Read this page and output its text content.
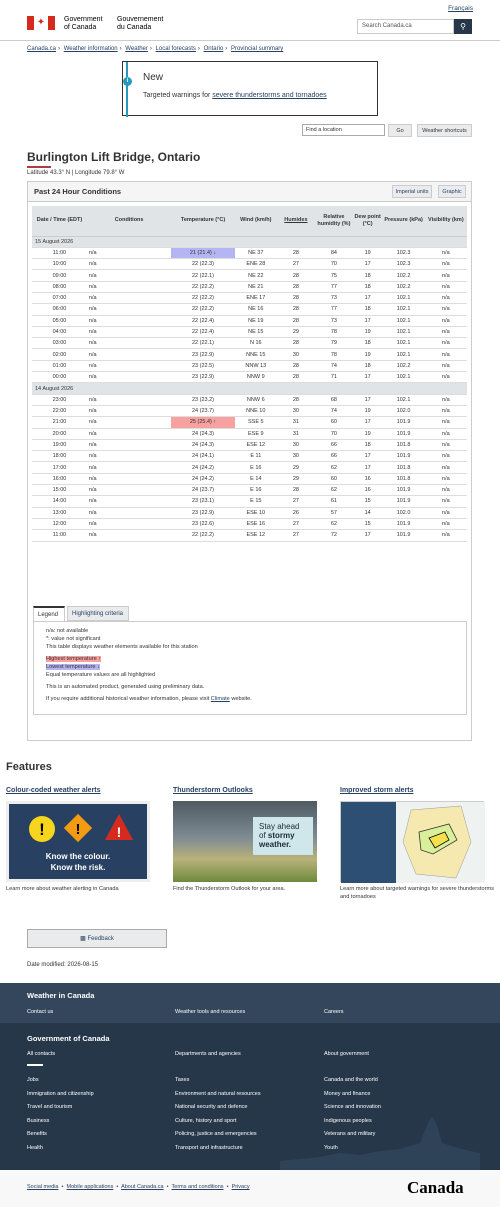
Français
✦	Government
of Canada
Gouvernement
du Canada	Search Canada.ca	⚲
Canada.ca › Weather information › Weather › Local forecasts › Ontario › Provincial summary
i	New

Targeted warnings for severe thunderstorms and tornadoes

Find a location	Go	Weather shortcuts
Burlington Lift Bridge, Ontario
Latitude 43.3° N | Longitude 79.8° W
Past 24 Hour Conditions	Imperial units	Graphic
Date / Time (EDT)	Conditions	Temperature (°C)	Wind (km/h)	Humidex	Relative humidity (%)	Dew point (°C)	Pressure (kPa)	Visibility (km)
15 August 2026								
11:00	n/a	21 (21.4) ↓	NE 37	28	84	19	102.3	n/a
10:00	n/a	22 (22.3)	ENE 28	27	70	17	102.3	n/a
09:00	n/a	22 (22.1)	NE 22	28	75	18	102.2	n/a
08:00	n/a	22 (22.2)	NE 21	28	77	18	102.2	n/a
07:00	n/a	22 (22.2)	ENE 17	28	73	17	102.1	n/a
06:00	n/a	22 (22.2)	NE 16	28	77	18	102.1	n/a
05:00	n/a	22 (22.4)	NE 19	28	73	17	102.1	n/a
04:00	n/a	22 (22.4)	NE 15	29	78	19	102.1	n/a
03:00	n/a	22 (22.1)	N 16	28	79	18	102.1	n/a
02:00	n/a	23 (22.9)	NNE 15	30	78	19	102.1	n/a
01:00	n/a	23 (22.5)	NNW 13	28	74	18	102.2	n/a
00:00	n/a	23 (22.9)	NNW 9	28	71	17	102.1	n/a
14 August 2026								
23:00	n/a	23 (23.2)	NNW 6	28	68	17	102.1	n/a
22:00	n/a	24 (23.7)	NNE 10	30	74	19	102.0	n/a
21:00	n/a	25 (25.4) ↑	SSE 5	31	60	17	101.9	n/a
20:00	n/a	24 (24.3)	ESE 9	31	70	19	101.9	n/a
19:00	n/a	24 (24.3)	ESE 12	30	66	18	101.8	n/a
18:00	n/a	24 (24.1)	E 11	30	66	17	101.9	n/a
17:00	n/a	24 (24.2)	E 16	29	62	17	101.8	n/a
16:00	n/a	24 (24.2)	E 14	29	60	16	101.8	n/a
15:00	n/a	24 (23.7)	E 16	28	62	16	101.9	n/a
14:00	n/a	23 (23.1)	E 15	27	61	15	101.9	n/a
13:00	n/a	23 (22.9)	ESE 10	26	57	14	102.0	n/a
12:00	n/a	23 (22.6)	ESE 16	27	62	15	101.9	n/a
11:00	n/a	22 (22.2)	ESE 12	27	72	17	101.9	n/a
Legend	Highlighting criteria
n/a: not available
*: value not significant
This table displays weather elements available for this station
Highest temperature ↑
Lowest temperature ↓
Equal temperature values are all highlighted
This is an automated product, generated using preliminary data.
If you require additional historical weather information, please visit Climate website.
Features
Colour-coded weather alerts
! !	!
Know the colour.
Know the risk.
Learn more about weather alerting in Canada
Thunderstorm Outlooks
Stay ahead
of stormy
weather.
Find the Thunderstorm Outlook for your area.
Improved storm alerts
Learn more about targeted warnings for severe thunderstorms and tornadoes
▩ Feedback
Date modified: 2026-08-15
Weather in Canada
Contact us	Weather tools and resources	Careers
Government of Canada
All contacts	Departments and agencies	About government
Jobs
Immigration and citizenship
Travel and tourism
Business
Benefits
Health
Taxes
Environment and natural resources
National security and defence
Culture, history and sport
Policing, justice and emergencies
Transport and infrastructure
Canada and the world
Money and finance
Science and innovation
Indigenous peoples
Veterans and military
Youth
Social media  •  Mobile applications  •  About Canada.ca  •  Terms and conditions  •  Privacy	Canada
